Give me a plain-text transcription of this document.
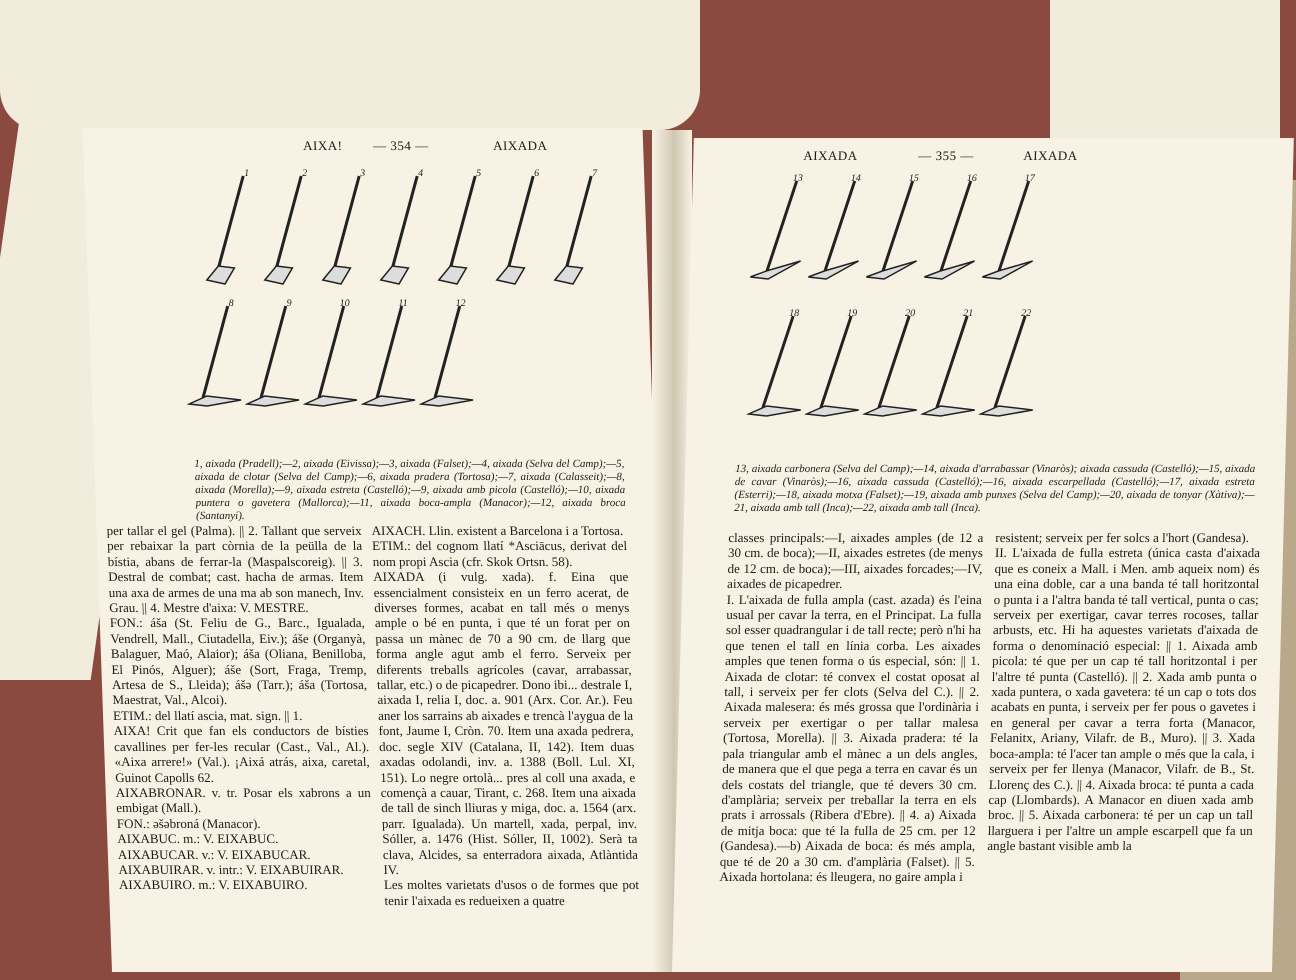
AIXA! — 354 —	AIXADA
1	2	3	4	5	6	7
8	9	10	11	12
1, aixada (Pradell);—2, aixada (Eivissa);—3, aixada (Falset);—4, aixada (Selva del Camp);—5, aixada de clotar (Selva del Camp);—6, aixada pradera (Tortosa);—7, aixada (Calasseit);—8, aixada (Morella);—9, aixada estreta (Castelló);—9, aixada amb picola (Castelló);—10, aixada puntera o gavetera (Mallorca);—11, aixada boca-ampla (Manacor);—12, aixada broca (Santanyí).

per tallar el gel (Palma). || 2. Tallant que serveix per rebaixar la part còrnia de la peülla de la bístia, abans de ferrar-la (Maspalscoreig). || 3. Destral de combat; cast. hacha de armas. Item una axa de armes de una ma ab son manech, Inv. Grau. || 4. Mestre d'aixa: V. MESTRE.

FON.: áša (St. Feliu de G., Barc., Igualada, Vendrell, Mall., Ciutadella, Eiv.); áše (Organyà, Balaguer, Maó, Alaior); áša (Oliana, Benilloba, El Pinós, Alguer); áše (Sort, Fraga, Tremp, Artesa de S., Lleida); ášə (Tarr.); áša (Tortosa, Maestrat, Val., Alcoi).

ETIM.: del llatí ascia, mat. sign. || 1.

AIXA! Crit que fan els conductors de bísties cavallines per fer-les recular (Cast., Val., Al.). «Aixa arrere!» (Val.). ¡Aixá atrás, aixa, caretal, Guinot Capolls 62.

AIXABRONAR. v. tr. Posar els xabrons a un embigat (Mall.).

FON.: əšəbroná (Manacor).

AIXABUC. m.: V. EIXABUC.

AIXABUCAR. v.: V. EIXABUCAR.

AIXABUIRAR. v. intr.: V. EIXABUIRAR.

AIXABUIRO. m.: V. EIXABUIRO.

AIXACH. Llin. existent a Barcelona i a Tortosa.

ETIM.: del cognom llatí *Asciācus, derivat del nom propi Ascia (cfr. Skok Ortsn. 58).

AIXADA (i vulg. xada). f. Eina que essencialment consisteix en un ferro acerat, de diverses formes, acabat en tall més o menys ample o bé en punta, i que té un forat per on passa un mànec de 70 a 90 cm. de llarg que forma angle agut amb el ferro. Serveix per diferents treballs agrícoles (cavar, arrabassar, tallar, etc.) o de picapedrer. Dono ibi... destrale I, aixada I, relia I, doc. a. 901 (Arx. Cor. Ar.). Feu aner los sarrains ab aixades e trencà l'aygua de la font, Jaume I, Cròn. 70. Item una axada pedrera, doc. segle XIV (Catalana, II, 142). Item duas axadas odolandi, inv. a. 1388 (Boll. Lul. XI, 151). Lo negre ortolà... pres al coll una axada, e començà a cauar, Tirant, c. 268. Item una aixada de tall de sinch lliuras y miga, doc. a. 1564 (arx. parr. Igualada). Un martell, xada, perpal, inv. Sóller, a. 1476 (Hist. Sóller, II, 1002). Serà ta clava, Alcides, sa enterradora aixada, Atlàntida IV.

Les moltes varietats d'usos o de formes que pot tenir l'aixada es redueixen a quatre

AIXADA	— 355 —	AIXADA
13	14	15	16	17
18	19	20	21	22
13, aixada carbonera (Selva del Camp);—14, aixada d'arrabassar (Vinaròs); aixada cassuda (Castelló);—15, aixada de cavar (Vinaròs);—16, aixada cassuda (Castelló);—16, aixada escarpellada (Castelló);—17, aixada estreta (Esterri);—18, aixada motxa (Falset);—19, aixada amb punxes (Selva del Camp);—20, aixada de tonyar (Xàtiva);—21, aixada amb tall (Inca);—22, aixada amb tall (Inca).

classes principals:—I, aixades amples (de 12 a 30 cm. de boca);—II, aixades estretes (de menys de 12 cm. de boca);—III, aixades forcades;—IV, aixades de picapedrer.

I. L'aixada de fulla ampla (cast. azada) és l'eina usual per cavar la terra, en el Principat. La fulla sol esser quadrangular i de tall recte; però n'hi ha que tenen el tall en línia corba. Les aixades amples que tenen forma o ús especial, són: || 1. Aixada de clotar: té convex el costat oposat al tall, i serveix per fer clots (Selva del C.). || 2. Aixada malesera: és més grossa que l'ordinària i serveix per exertigar o per tallar malesa (Tortosa, Morella). || 3. Aixada pradera: té la pala triangular amb el mànec a un dels angles, de manera que el que pega a terra en cavar és un dels costats del triangle, que té devers 30 cm. d'amplària; serveix per treballar la terra en els prats i arrossals (Ribera d'Ebre). || 4. a) Aixada de mitja boca: que té la fulla de 25 cm. per 12 (Gandesa).—b) Aixada de boca: és més ampla, que té de 20 a 30 cm. d'amplària (Falset). || 5. Aixada hortolana: és lleugera, no gaire ampla i

resistent; serveix per fer solcs a l'hort (Gandesa).

II. L'aixada de fulla estreta (única casta d'aixada que es coneix a Mall. i Men. amb aqueix nom) és una eina doble, car a una banda té tall horitzontal o punta i a l'altra banda té tall vertical, punta o cas; serveix per exertigar, cavar terres rocoses, tallar arbusts, etc. Hi ha aquestes varietats d'aixada de forma o denominació especial: || 1. Aixada amb picola: té que per un cap té tall horitzontal i per l'altre té punta (Castelló). || 2. Xada amb punta o xada puntera, o xada gavetera: té un cap o tots dos acabats en punta, i serveix per fer pous o gavetes i en general per cavar a terra forta (Manacor, Felanitx, Ariany, Vilafr. de B., Muro). || 3. Xada boca-ampla: té l'acer tan ample o més que la cala, i serveix per fer llenya (Manacor, Vilafr. de B., St. Llorenç des C.). || 4. Aixada broca: té punta a cada cap (Llombards). A Manacor en diuen xada amb broc. || 5. Aixada carbonera: té per un cap un tall llarguera i per l'altre un ample escarpell que fa un angle bastant visible amb la
